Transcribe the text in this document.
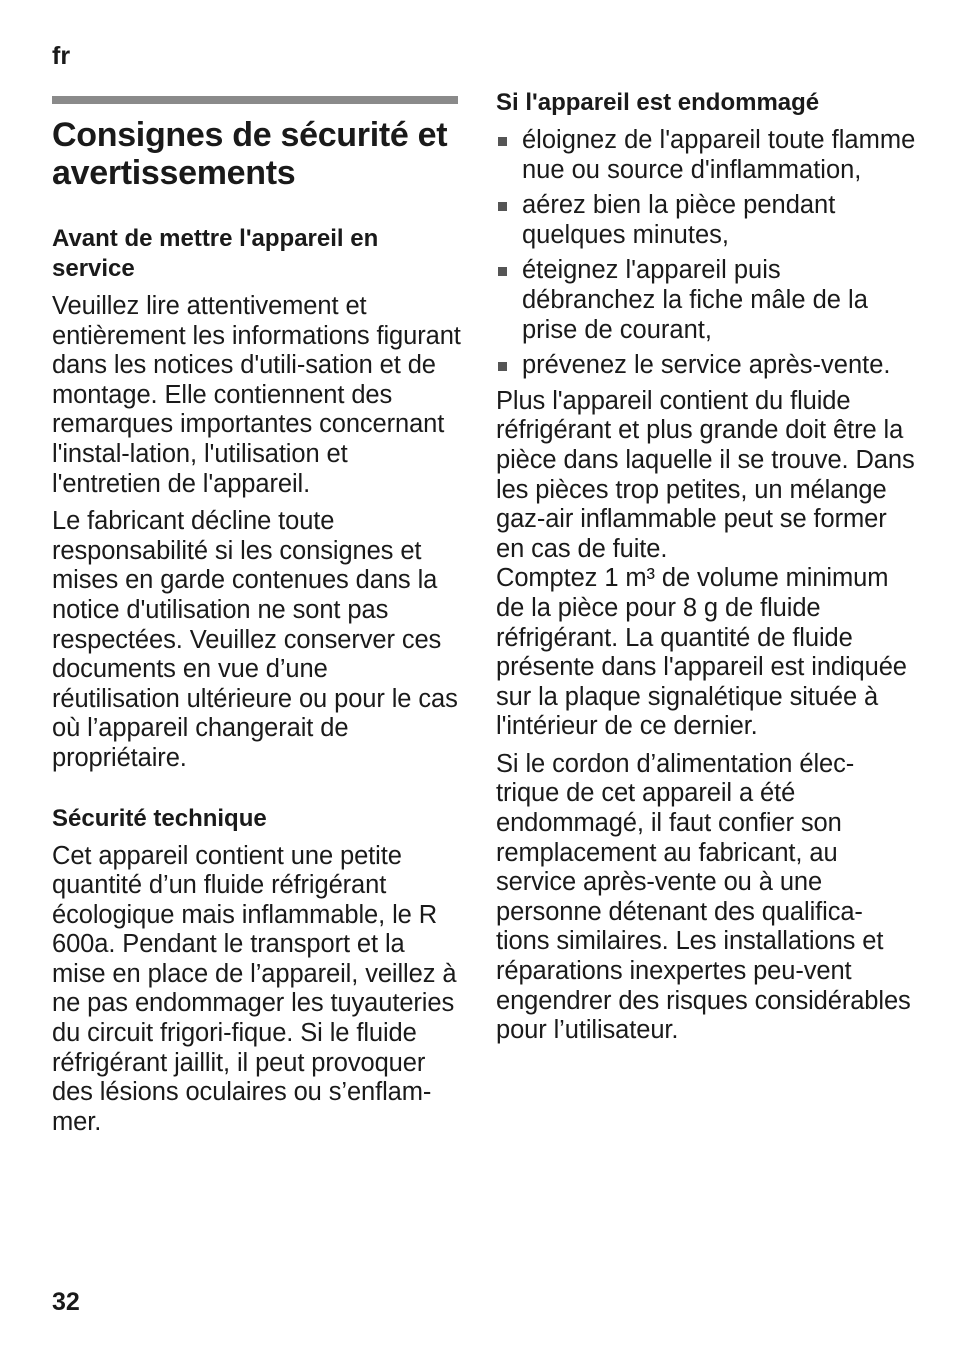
fr
Consignes de sécurité et avertissements
Avant de mettre l'appareil en service

Veuillez lire attentivement et entièrement les informations figurant dans les notices d'utili-sation et de montage. Elle contiennent des remarques importantes concernant l'instal-lation, l'utilisation et l'entretien de l'appareil.

Le fabricant décline toute responsabilité si les consignes et mises en garde contenues dans la notice d'utilisation ne sont pas respectées. Veuillez conserver ces documents en vue d’une réutilisation ultérieure ou pour le cas où l’appareil changerait de propriétaire.

Sécurité technique

Cet appareil contient une petite quantité d’un fluide réfrigérant écologique mais inflammable, le R 600a. Pendant le transport et la mise en place de l’appareil, veillez à ne pas endommager les tuyauteries du circuit frigori-fique. Si le fluide réfrigérant jaillit, il peut provoquer des lésions oculaires ou s’enflam-mer.

Si l'appareil est endommagé
éloignez de l'appareil toute flamme nue ou source d'inflammation,
aérez bien la pièce pendant quelques minutes,
éteignez l'appareil puis débranchez la fiche mâle de la prise de courant,
prévenez le service après-vente.

Plus l'appareil contient du fluide réfrigérant et plus grande doit être la pièce dans laquelle il se trouve. Dans les pièces trop petites, un mélange gaz-air inflammable peut se former en cas de fuite.

Comptez 1 m³ de volume minimum de la pièce pour 8 g de fluide réfrigérant. La quantité de fluide présente dans l'appareil est indiquée sur la plaque signalétique située à l'intérieur de ce dernier.

Si le cordon d’alimentation élec-trique de cet appareil a été endommagé, il faut confier son remplacement au fabricant, au service après-vente ou à une personne détenant des qualifica-tions similaires. Les installations et réparations inexpertes peu-vent engendrer des risques considérables pour l’utilisateur.

32
